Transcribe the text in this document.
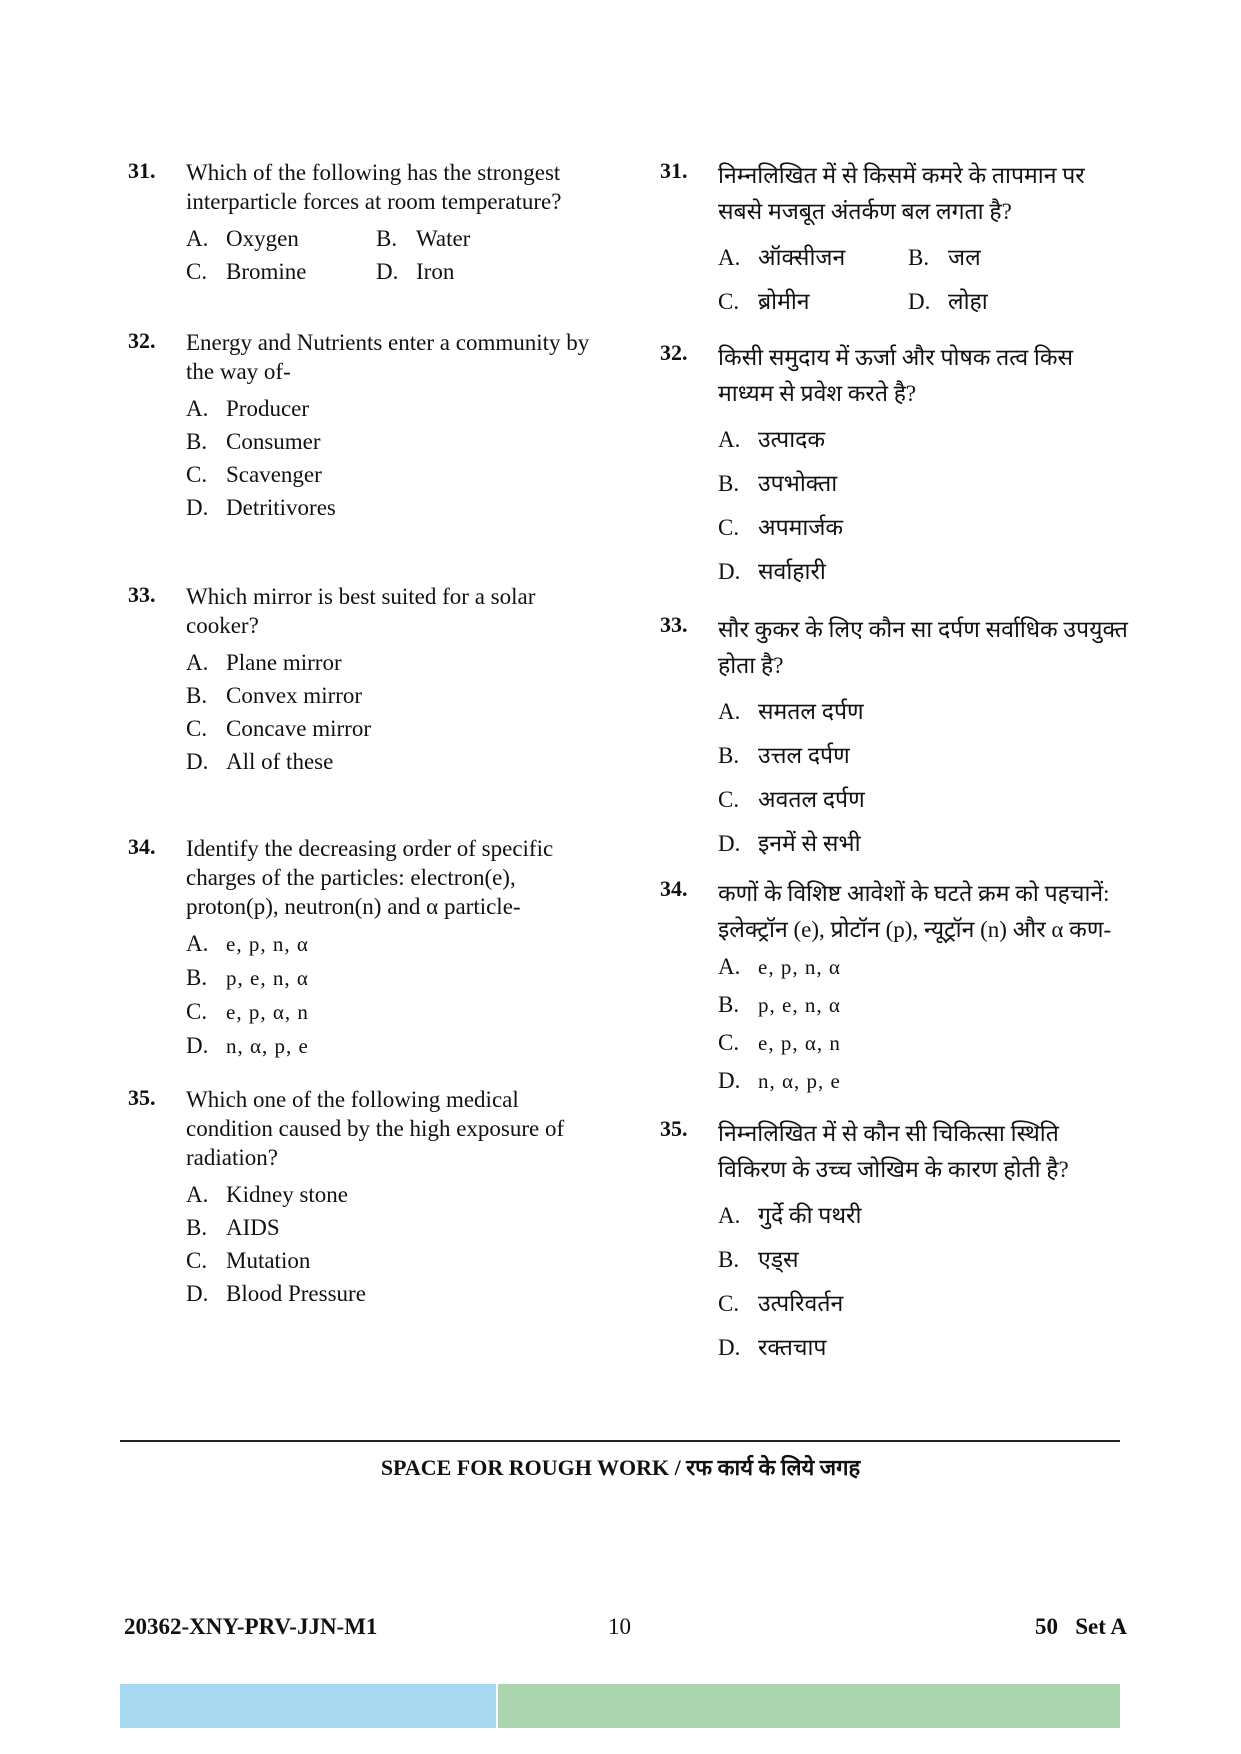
31. Which of the following has the strongest interparticle forces at room temperature?
A. Oxygen	B. Water
C. Bromine	D. Iron
32. Energy and Nutrients enter a community by the way of-
A. Producer
B. Consumer
C. Scavenger
D. Detritivores
33. Which mirror is best suited for a solar cooker?
A. Plane mirror
B. Convex mirror
C. Concave mirror
D. All of these
34. Identify the decreasing order of specific charges of the particles: electron(e), proton(p), neutron(n) and α particle-
A. e, p, n, α
B. p, e, n, α
C. e, p, α, n
D. n, α, p, e
35. Which one of the following medical condition caused by the high exposure of radiation?
A. Kidney stone
B. AIDS
C. Mutation
D. Blood Pressure
31. निम्नलिखित में से किसमें कमरे के तापमान पर सबसे मजबूत अंतर्कण बल लगता है?
A. ऑक्सीजन	B. जल
C. ब्रोमीन	D. लोहा
32. किसी समुदाय में ऊर्जा और पोषक तत्व किस माध्यम से प्रवेश करते है?
A. उत्पादक
B. उपभोक्ता
C. अपमार्जक
D. सर्वाहारी
33. सौर कुकर के लिए कौन सा दर्पण सर्वाधिक उपयुक्त होता है?
A. समतल दर्पण
B. उत्तल दर्पण
C. अवतल दर्पण
D. इनमें से सभी
34. कणों के विशिष्ट आवेशों के घटते क्रम को पहचानें: इलेक्ट्रॉन (e), प्रोटॉन (p), न्यूट्रॉन (n) और α कण-
A. e, p, n, α
B. p, e, n, α
C. e, p, α, n
D. n, α, p, e
35. निम्नलिखित में से कौन सी चिकित्सा स्थिति विकिरण के उच्च जोखिम के कारण होती है?
A. गुर्दे की पथरी
B. एड्स
C. उत्परिवर्तन
D. रक्तचाप
SPACE FOR ROUGH WORK / रफ कार्य के लिये जगह
20362-XNY-PRV-JJN-M1	10	50   Set A
